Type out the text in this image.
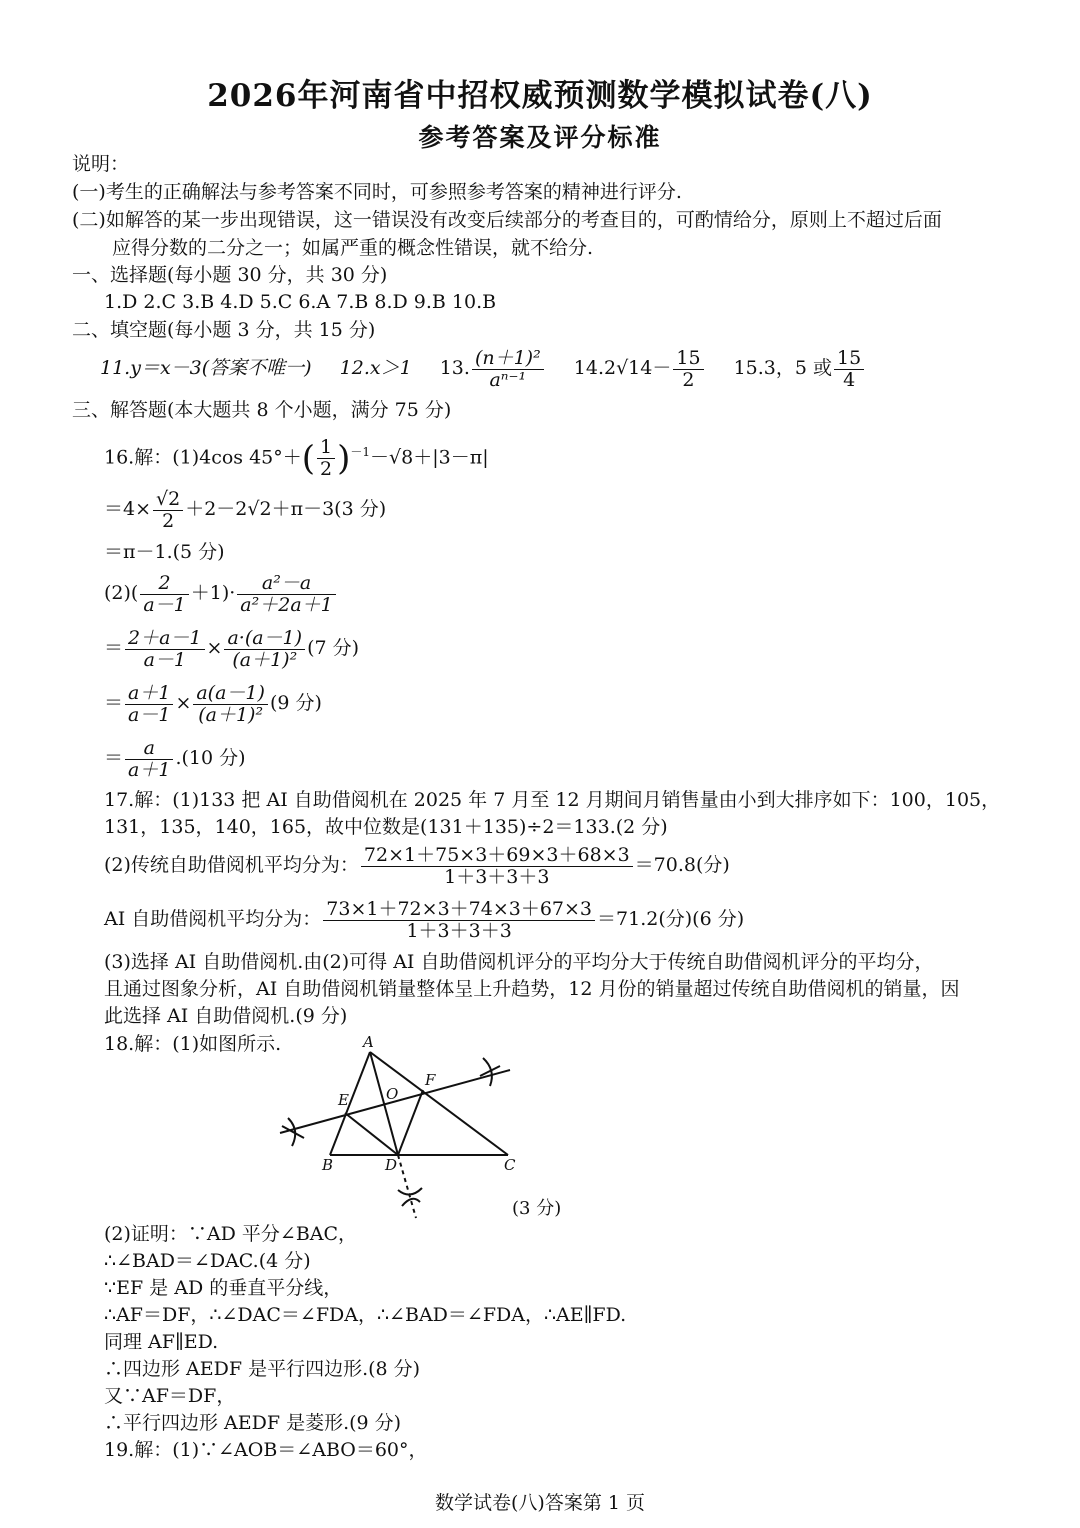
2026年河南省中招权威预测数学模拟试卷(八)
参考答案及评分标准
说明：
(一)考生的正确解法与参考答案不同时，可参照参考答案的精神进行评分.
(二)如解答的某一步出现错误，这一错误没有改变后续部分的考查目的，可酌情给分，原则上不超过后面
应得分数的二分之一；如属严重的概念性错误，就不给分.
一、选择题(每小题 30 分，共 30 分)
1.D 2.C 3.B 4.D 5.C 6.A 7.B 8.D 9.B 10.B
二、填空题(每小题 3 分，共 15 分)
11.y＝x－3(答案不唯一) 12.x＞1 13. $\frac{\text{(n＋1)²}}{\text{aⁿ⁻¹}} 14.2√14- \frac{15}{2} 15.3$，5 或 $\frac{15}{4}$
三、解答题(本大题共 8 个小题，满分 75 分)
16.解：(1)4cos $45^\circ+( \frac{1}{2} )^{-1}-√8+|3-\pi|$
$=4\times \frac{√2}{2} +2-2√2+\pi-3(3$ 分)
＝π－1.(5 分)
$(2)( \frac{2}{a-1} +1)\cdot \frac{\text{a²－a}}{\text{a²＋2a＋1}}$
＝ $\frac{2+a-1}{a-1} \times \frac{a\cdot(a-1)}{\text{(a＋1)²}} (7$ 分)
＝ $\frac{a+1}{a-1} \times \frac{a(a-1)}{\text{(a＋1)²}} (9$ 分)
＝ $\frac{a}{a+1} .(10$ 分)
17.解：(1)133 把 AI 自助借阅机在 2025 年 7 月至 12 月期间月销售量由小到大排序如下：100，105，
131，135，140，165，故中位数是(131＋135)÷2＝133.(2 分)
(2)传统自助借阅机平均分为： $\frac{72\times 1+75\times 3+69\times 3+68\times 3}{1+3+3+3} =70.8$(分)
AI 自助借阅机平均分为： $\frac{73\times 1+72\times 3+74\times 3+67\times 3}{1+3+3+3} =71.2$(分)(6 分)
(3)选择 AI 自助借阅机.由(2)可得 AI 自助借阅机评分的平均分大于传统自助借阅机评分的平均分，
且通过图象分析，AI 自助借阅机销量整体呈上升趋势，12 月份的销量超过传统自助借阅机的销量，因
此选择 AI 自助借阅机.(9 分)
18.解：(1)如图所示.	A
B	C
D
E
F
O
(3 分)
(2)证明：∵AD 平分∠BAC，
∴∠BAD＝∠DAC.(4 分)
∵EF 是 AD 的垂直平分线，
∴AF＝DF，∴∠DAC＝∠FDA，∴∠BAD＝∠FDA，∴AE∥FD.
同理 AF∥ED.
∴四边形 AEDF 是平行四边形.(8 分)
又∵AF＝DF，
∴平行四边形 AEDF 是菱形.(9 分)
19.解：(1)∵∠AOB＝∠ABO＝60°，
数学试卷(八)答案第 1 页
